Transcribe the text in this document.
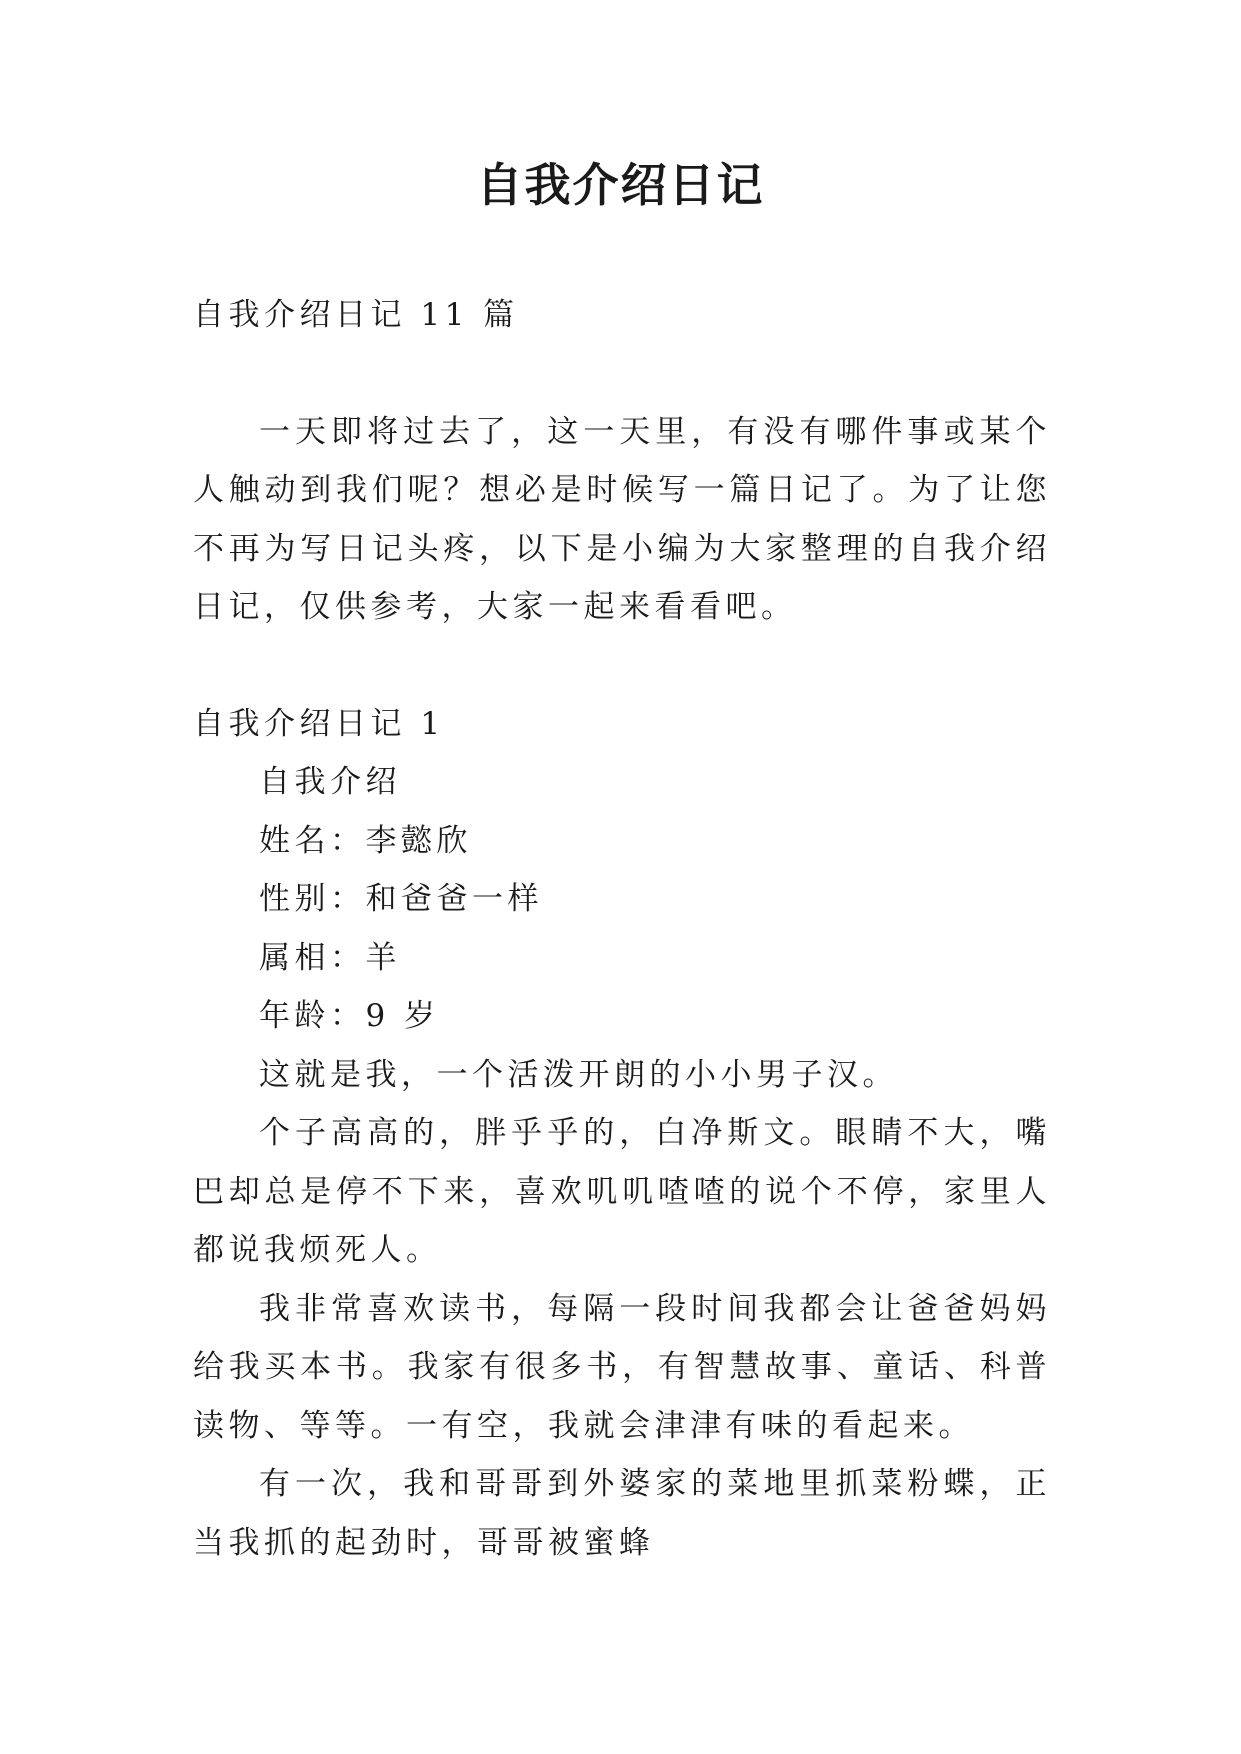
自我介绍日记

自我介绍日记 11 篇

一天即将过去了，这一天里，有没有哪件事或某个人触动到我们呢？想必是时候写一篇日记了。为了让您不再为写日记头疼，以下是小编为大家整理的自我介绍日记，仅供参考，大家一起来看看吧。

自我介绍日记 1

自我介绍

姓名：李懿欣

性别：和爸爸一样

属相：羊

年龄：9 岁

这就是我，一个活泼开朗的小小男子汉。

个子高高的，胖乎乎的，白净斯文。眼睛不大，嘴巴却总是停不下来，喜欢叽叽喳喳的说个不停，家里人都说我烦死人。

我非常喜欢读书，每隔一段时间我都会让爸爸妈妈给我买本书。我家有很多书，有智慧故事、童话、科普读物、等等。一有空，我就会津津有味的看起来。

有一次，我和哥哥到外婆家的菜地里抓菜粉蝶，正当我抓的起劲时，哥哥被蜜蜂
